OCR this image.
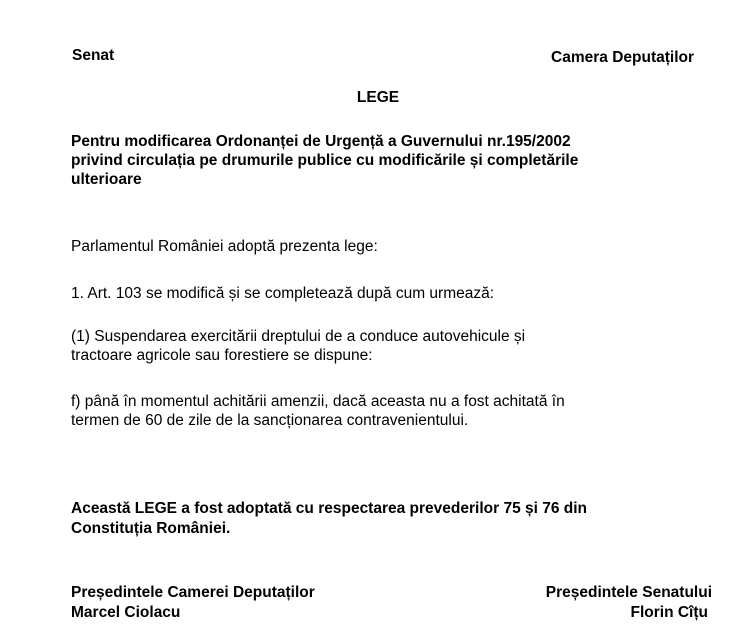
Senat	Camera Deputaților
LEGE
Pentru modificarea Ordonanței de Urgență a Guvernului nr.195/2002
privind circulația pe drumurile publice cu modificările și completările
ulterioare
Parlamentul României adoptă prezenta lege:
1. Art. 103 se modifică și se completează după cum urmează:
(1) Suspendarea exercitării dreptului de a conduce autovehicule și
tractoare agricole sau forestiere se dispune:
f) până în momentul achitării amenzii, dacă aceasta nu a fost achitată în
termen de 60 de zile de la sancționarea contravenientului.
Această LEGE a fost adoptată cu respectarea prevederilor 75 și 76 din
Constituția României.
Președintele Camerei Deputaților
Marcel Ciolacu
Președintele Senatului
Florin Cîțu
